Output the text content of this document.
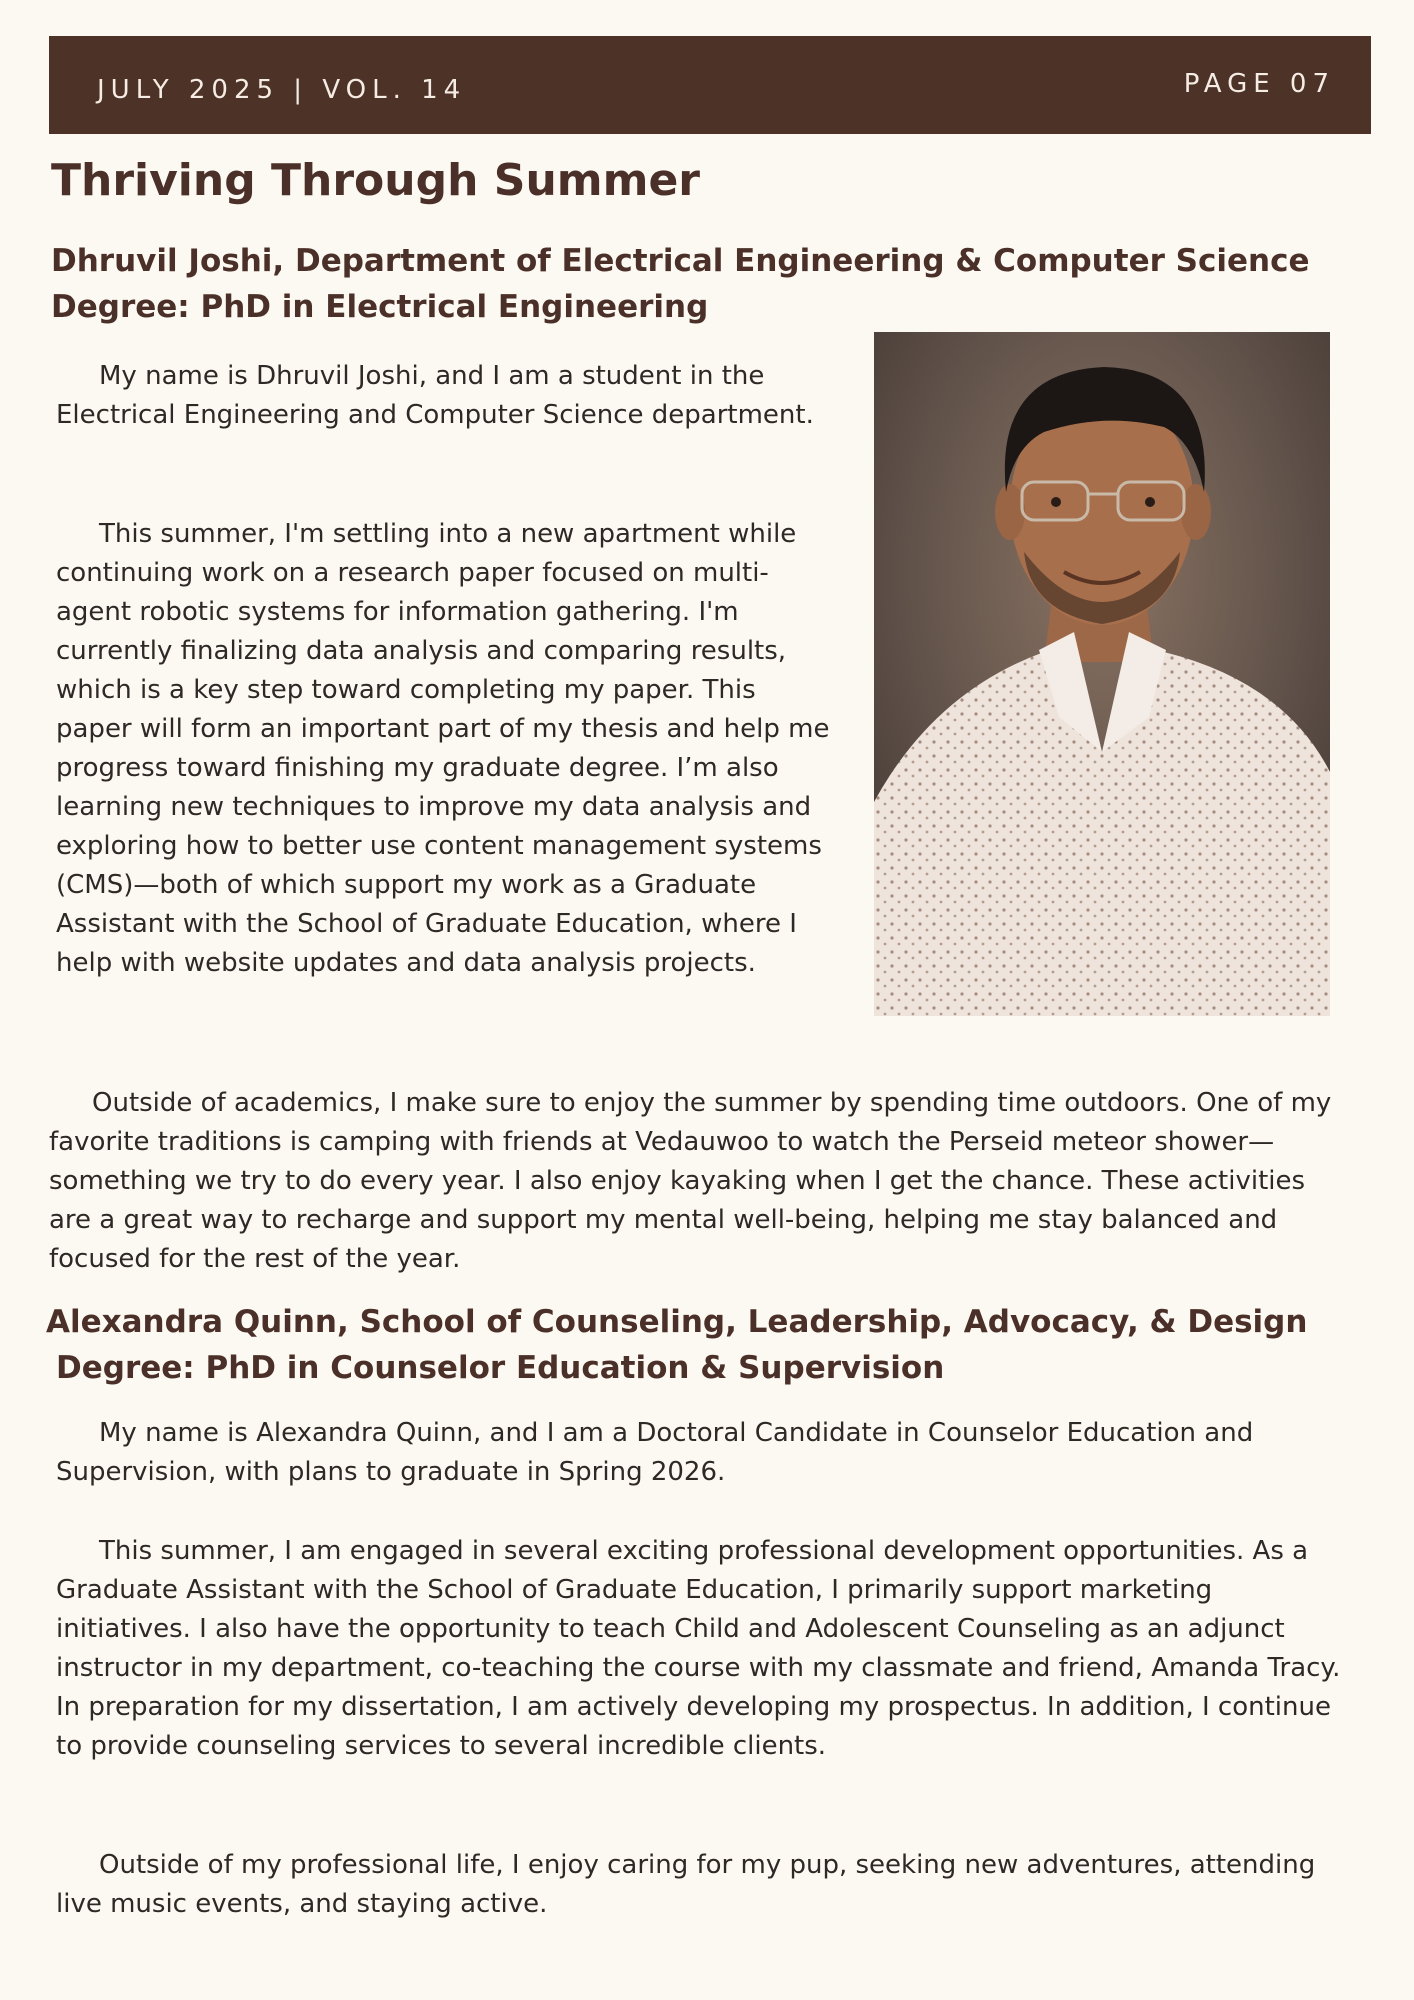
JULY 2025 | VOL. 14	PAGE 07
Thriving Through Summer
Dhruvil Joshi, Department of Electrical Engineering & Computer Science
Degree: PhD in Electrical Engineering

My name is Dhruvil Joshi, and I am a student in the Electrical Engineering and Computer Science department.

This summer, I'm settling into a new apartment while continuing work on a research paper focused on multi-agent robotic systems for information gathering. I'm currently finalizing data analysis and comparing results, which is a key step toward completing my paper. This paper will form an important part of my thesis and help me progress toward finishing my graduate degree. I’m also learning new techniques to improve my data analysis and exploring how to better use content management systems (CMS)—both of which support my work as a Graduate Assistant with the School of Graduate Education, where I help with website updates and data analysis projects.

Outside of academics, I make sure to enjoy the summer by spending time outdoors. One of my favorite traditions is camping with friends at Vedauwoo to watch the Perseid meteor shower—something we try to do every year. I also enjoy kayaking when I get the chance. These activities are a great way to recharge and support my mental well-being, helping me stay balanced and focused for the rest of the year.

Alexandra Quinn, School of Counseling, Leadership, Advocacy, & Design
Degree: PhD in Counselor Education & Supervision

My name is Alexandra Quinn, and I am a Doctoral Candidate in Counselor Education and Supervision, with plans to graduate in Spring 2026.

This summer, I am engaged in several exciting professional development opportunities. As a Graduate Assistant with the School of Graduate Education, I primarily support marketing initiatives. I also have the opportunity to teach Child and Adolescent Counseling as an adjunct instructor in my department, co-teaching the course with my classmate and friend, Amanda Tracy. In preparation for my dissertation, I am actively developing my prospectus. In addition, I continue to provide counseling services to several incredible clients.

Outside of my professional life, I enjoy caring for my pup, seeking new adventures, attending live music events, and staying active.
